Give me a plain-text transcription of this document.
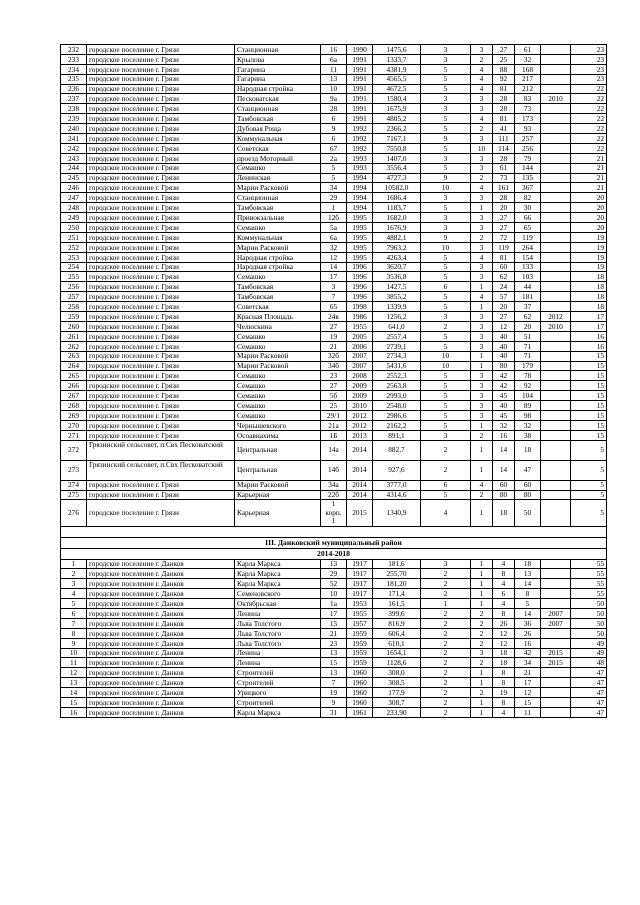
232	городское поселение г. Грязи	Станционная	16	1990	1475,6	3	3	27	61		23
233	городское поселение г. Грязи	Крылова	6а	1991	1333,7	3	2	25	32		23
234	городское поселение г. Грязи	Гагарина	11	1991	4381,9	5	4	88	168		23
235	городское поселение г. Грязи	Гагарина	13	1991	4565,5	5	4	92	217		23
236	городское поселение г. Грязи	Народная стройка	10	1991	4672,5	5	4	81	212		22
237	городское поселение г. Грязи	Песковатская	9а	1991	1580,4	3	3	28	83	2010	22
238	городское поселение г. Грязи	Станционная	28	1991	1675,9	3	3	28	73		22
239	городское поселение г. Грязи	Тамбовская	6	1991	4805,2	5	4	81	173		22
240	городское поселение г. Грязи	Дубовая Роща	9	1992	2366,2	5	2	41	93		22
241	городское поселение г. Грязи	Коммунальная	6	1992	7167,1	9	3	111	257		22
242	городское поселение г. Грязи	Советская	67	1992	7550,8	5	10	114	256		22
243	городское поселение г. Грязи	проезд Моторный	2а	1993	1407,0	3	3	28	79		21
244	городское поселение г. Грязи	Семашко	5	1993	3556,4	5	3	61	144		21
245	городское поселение г. Грязи	Ленинская	5	1994	4727,3	9	2	73	135		21
246	городское поселение г. Грязи	Марии Расковой	34	1994	10582,0	10	4	161	367		21
247	городское поселение г. Грязи	Станционная	29	1994	1686,4	3	3	28	82		20
248	городское поселение г. Грязи	Тамбовская	1	1994	1183,7	5	1	20	30		20
249	городское поселение г. Грязи	Привокзальная	12б	1995	1682,0	3	3	27	66		20
250	городское поселение г. Грязи	Семашко	5а	1995	1676,9	3	3	27	65		20
251	городское поселение г. Грязи	Коммунальная	6а	1995	4882,1	9	2	72	119		19
252	городское поселение г. Грязи	Марии Расковой	32	1995	7963,2	10	3	119	264		19
253	городское поселение г. Грязи	Народная стройка	12	1995	4263,4	5	4	81	154		19
254	городское поселение г. Грязи	Народная стройка	14	1996	3620,7	5	3	60	133		19
255	городское поселение г. Грязи	Семашко	17	1996	3536,8	5	3	62	103		18
256	городское поселение г. Грязи	Тамбовская	3	1996	1427,5	6	1	24	44		18
257	городское поселение г. Грязи	Тамбовская	7	1996	3855,2	5	4	57	181		18
258	городское поселение г. Грязи	Советская	65	1998	1339,9	5	1	20	37		18
259	городское поселение г. Грязи	Красная Площадь	24в	1986	1256,2	3	3	27	62	2012	17
260	городское поселение г. Грязи	Челюскина	27	1955	641,0	2	3	12	20	2010	17
261	городское поселение г. Грязи	Семашко	19	2005	2557,4	5	3	40	51		16
262	городское поселение г. Грязи	Семашко	21	2006	2739,1	5	3	40	71		16
263	городское поселение г. Грязи	Марии Расковой	32б	2007	2734,3	10	1	40	71		15
264	городское поселение г. Грязи	Марии Расковой	34б	2007	5431,6	10	1	80	179		15
265	городское поселение г. Грязи	Семашко	23	2008	2552,3	5	3	42	78		15
266	городское поселение г. Грязи	Семашко	27	2009	2563,8	5	3	42	92		15
267	городское поселение г. Грязи	Семашко	5б	2009	2993,0	5	3	45	104		15
268	городское поселение г. Грязи	Семашко	25	2010	2548,0	5	3	40	89		15
269	городское поселение г. Грязи	Семашко	29/1	2012	2986,6	5	3	45	98		15
270	городское поселение г. Грязи	Чернышевского	21а	2012	2162,2	5	1	32	32		15
271	городское поселение г. Грязи	Осоавиахима	1Б	2013	891,1	3	2	16	38		15
272	Грязинский сельсовет, п.Свх Песковатский	Центральная	14а	2014	882,7	2	1	14	18		5
273	Грязинский сельсовет, п.Свх Песковатский	Центральная	14б	2014	927,6	2	1	14	47		5
274	городское поселение г. Грязи	Марии Расковой	34а	2014	3777,0	6	4	60	60		5
275	городское поселение г. Грязи	Карьерная	22б	2014	4314,6	5	2	80	80		5
276	городское поселение г. Грязи	Карьерная	1 корп. 1	2015	1340,9	4	1	18	50		5

III. Данковский муниципальный район											
2014-2018											
1	городское поселение г. Данков	Карла Маркса	13	1917	181,6	3	1	4	18		55
2	городское поселение г. Данков	Карла Маркса	29	1917	255,70	2	1	8	13		55
3	городское поселение г. Данков	Карла Маркса	52	1917	181,20	2	1	4	14		55
4	городское поселение г. Данков	Семеновского	10	1917	171,4	2	1	6	8		55
5	городское поселение г. Данков	Октябрьская	1а	1953	161,5	1	1	4	5		50
6	городское поселение г. Данков	Ленина	17	1955	399,6	2	2	8	14	2007	50
7	городское поселение г. Данков	Льва Толстого	15	1957	816,9	2	2	26	36	2007	50
8	городское поселение г. Данков	Льва Толстого	21	1959	606,4	2	2	12	26		50
9	городское поселение г. Данков	Льва Толстого	23	1959	610,1	2	2	12	16		49
10	городское поселение г. Данков	Ленина	13	1959	1654,1	2	3	18	42	2015	49
11	городское поселение г. Данков	Ленина	15	1959	1128,6	2	2	18	34	2015	48
12	городское поселение г. Данков	Строителей	13	1960	308,0	2	1	8	21		47
13	городское поселение г. Данков	Строителей	7	1960	308,5	2	1	8	17		47
14	городское поселение г. Данков	Урицкого	19	1960	177,9	2	2	19	12		47
15	городское поселение г. Данков	Строителей	9	1960	308,7	2	1	8	15		47
16	городское поселение г. Данков	Карла Маркса	31	1961	233,90	2	1	4	11		47
